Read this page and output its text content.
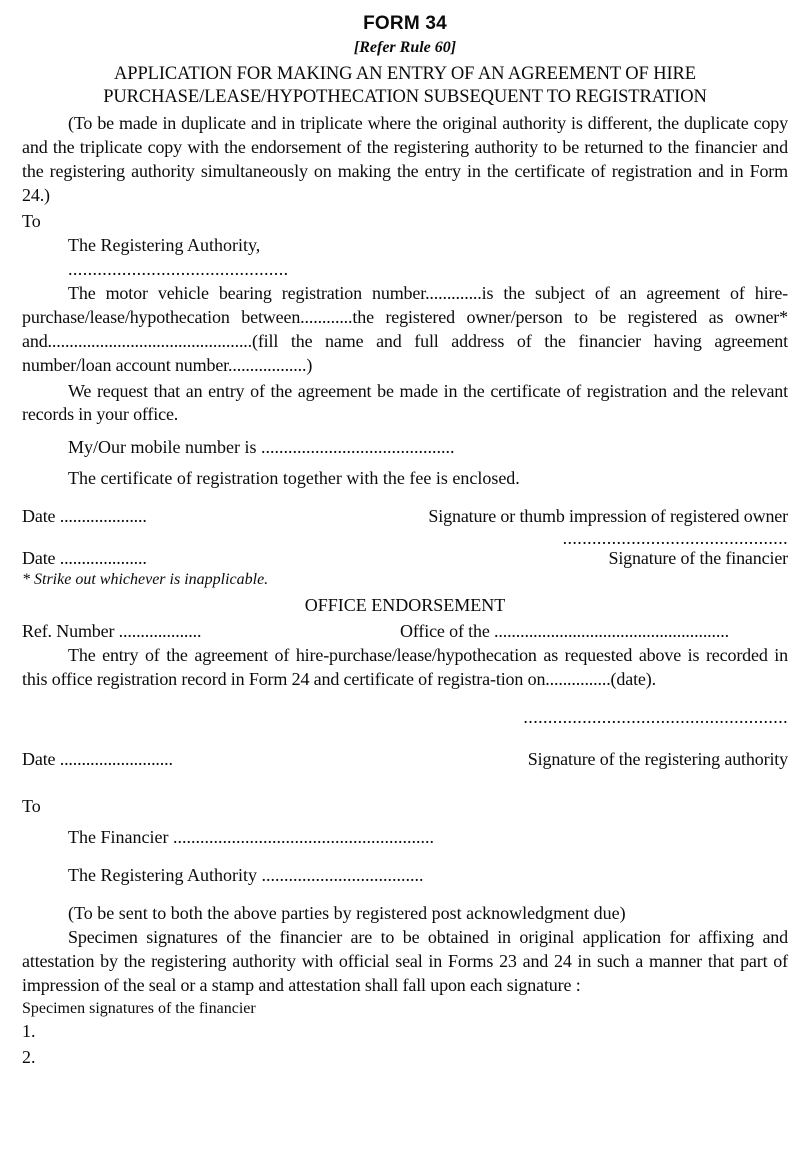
FORM 34
[Refer Rule 60]
APPLICATION FOR MAKING AN ENTRY OF AN AGREEMENT OF HIRE
PURCHASE/LEASE/HYPOTHECATION SUBSEQUENT TO REGISTRATION

(To be made in duplicate and in triplicate where the original authority is different, the duplicate copy and the triplicate copy with the endorsement of the registering authority to be returned to the financier and the registering authority simultaneously on making the entry in the certificate of registration and in Form 24.)

To
The Registering Authority,
.............................................

The motor vehicle bearing registration number.............is the subject of an agreement of hire-purchase/lease/hypothecation between............the registered owner/person to be registered as owner* and...............................................(fill the name and full address of the financier having agreement number/loan account number..................)

We request that an entry of the agreement be made in the certificate of registration and the relevant records in your office.

My/Our mobile number is ...........................................
The certificate of registration together with the fee is enclosed.
Date ....................	Signature or thumb impression of registered owner
..............................................
Date ....................	Signature of the financier
* Strike out whichever is inapplicable.
OFFICE ENDORSEMENT
Ref. Number ...................	Office of the ......................................................

The entry of the agreement of hire-purchase/lease/hypothecation as requested above is recorded in this office registration record in Form 24 and certificate of registra-tion on...............(date).

......................................................
Date ..........................	Signature of the registering authority
To
The Financier ..........................................................
The Registering Authority ....................................
(To be sent to both the above parties by registered post acknowledgment due)

Specimen signatures of the financier are to be obtained in original application for affixing and attestation by the registering authority with official seal in Forms 23 and 24 in such a manner that part of impression of the seal or a stamp and attestation shall fall upon each signature :

Specimen signatures of the financier
1.
2.
